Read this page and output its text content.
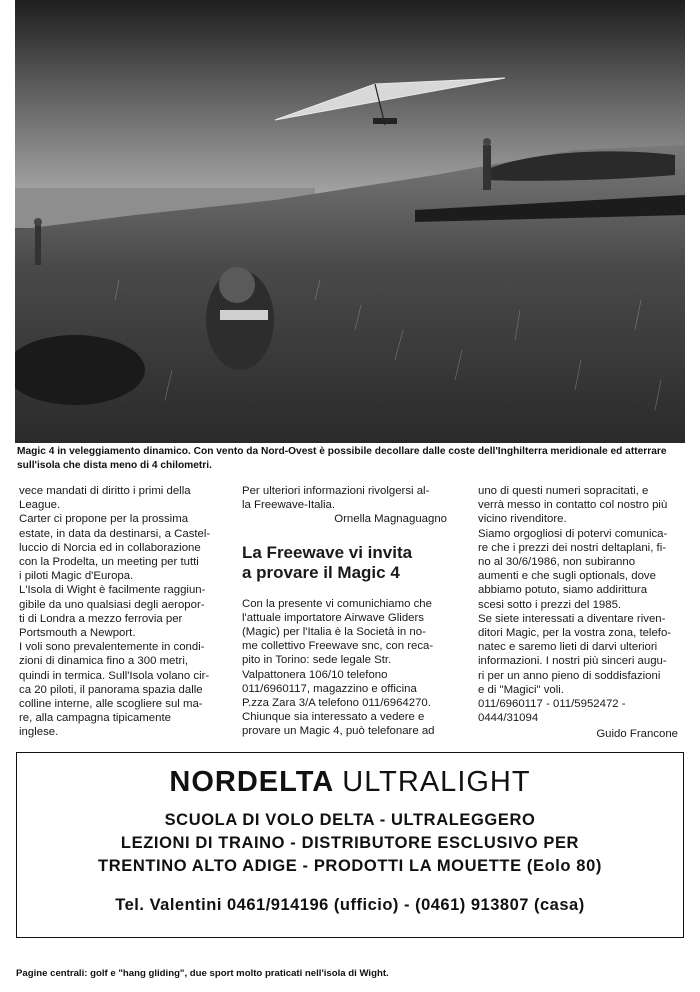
Magic 4 in veleggiamento dinamico. Con vento da Nord-Ovest è possibile decollare dalle coste dell'Inghilterra meridionale ed atterrare
sull'isola che dista meno di 4 chilometri.

vece mandati di diritto i primi della

League.

Carter ci propone per la prossima

estate, in data da destinarsi, a Castel-

luccio di Norcia ed in collaborazione

con la Prodelta, un meeting per tutti

i piloti Magic d'Europa.

L'Isola di Wight è facilmente raggiun-

gibile da uno qualsiasi degli aeropor-

ti di Londra a mezzo ferrovia per

Portsmouth a Newport.

I voli sono prevalentemente in condi-

zioni di dinamica fino a 300 metri,

quindi in termica. Sull'Isola volano cir-

ca 20 piloti, il panorama spazia dalle

colline interne, alle scogliere sul ma-

re, alla campagna tipicamente

inglese.

Per ulteriori informazioni rivolgersi al-

la Freewave-Italia.

Ornella Magnaguagno

La Freewave vi invita
a provare il Magic 4

Con la presente vi comunichiamo che

l'attuale importatore Airwave Gliders

(Magic) per l'Italia è la Società in no-

me collettivo Freewave snc, con reca-

pito in Torino: sede legale Str.

Valpattonera 106/10 telefono

011/6960117, magazzino e officina

P.zza Zara 3/A telefono 011/6964270.

Chiunque sia interessato a vedere e

provare un Magic 4, può telefonare ad

uno di questi numeri sopracitati, e

verrà messo in contatto col nostro più

vicino rivenditore.

Siamo orgogliosi di potervi comunica-

re che i prezzi dei nostri deltaplani, fi-

no al 30/6/1986, non subiranno

aumenti e che sugli optionals, dove

abbiamo potuto, siamo addirittura

scesi sotto i prezzi del 1985.

Se siete interessati a diventare riven-

ditori Magic, per la vostra zona, telefo-

natec e saremo lieti di darvi ulteriori

informazioni. I nostri più sinceri augu-

ri per un anno pieno di soddisfazioni

e di "Magici" voli.

011/6960117 - 011/5952472 -

0444/31094

Guido Francone

NORDELTA ULTRALIGHT
SCUOLA DI VOLO DELTA - ULTRALEGGERO
LEZIONI DI TRAINO - DISTRIBUTORE ESCLUSIVO PER
TRENTINO ALTO ADIGE - PRODOTTI LA MOUETTE (Eolo 80)
Tel. Valentini 0461/914196 (ufficio) - (0461) 913807 (casa)
Pagine centrali: golf e "hang gliding", due sport molto praticati nell'isola di Wight.
